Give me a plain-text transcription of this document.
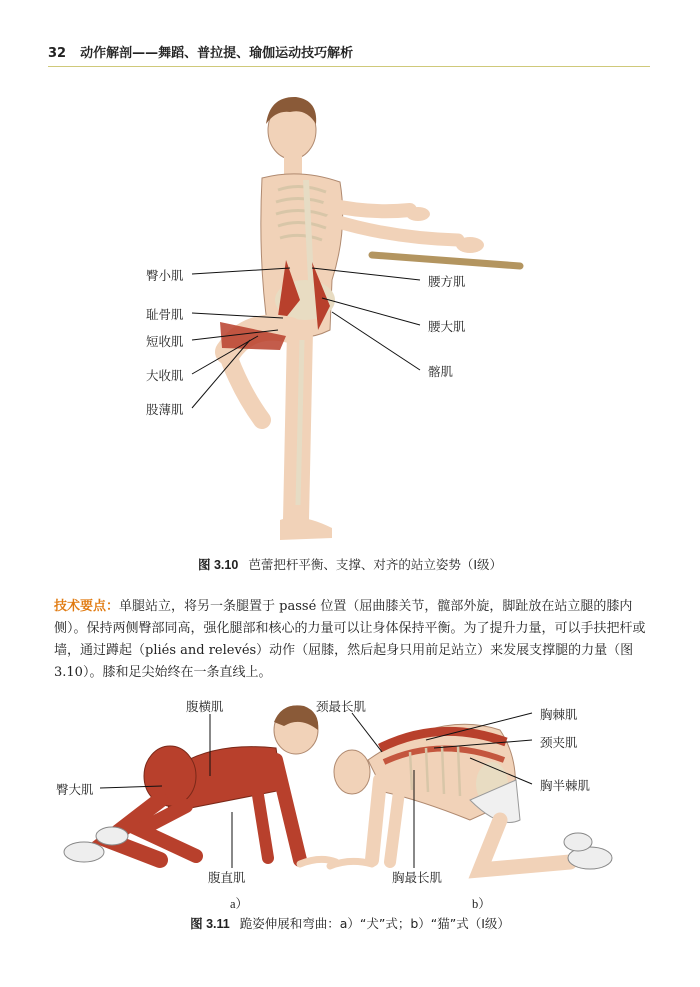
32 动作解剖——舞蹈、普拉提、瑜伽运动技巧解析
臀小肌
耻骨肌
短收肌
大收肌
股薄肌
腰方肌
腰大肌
髂肌
图 3.10 芭蕾把杆平衡、支撑、对齐的站立姿势（Ⅰ级）
技术要点：单腿站立，将另一条腿置于 passé 位置（屈曲膝关节，髋部外旋，脚趾放在站立腿的膝内侧）。保持两侧臀部同高，强化腿部和核心的力量可以让身体保持平衡。为了提升力量，可以手扶把杆或墙，通过蹲起（pliés and relevés）动作（屈膝，然后起身只用前足站立）来发展支撑腿的力量（图 3.10）。膝和足尖始终在一条直线上。
腹横肌
臀大肌
腹直肌
颈最长肌
胸棘肌
颈夹肌
胸半棘肌
胸最长肌
a）	b）
图 3.11 跪姿伸展和弯曲：a）“犬”式；b）“猫”式（Ⅰ级）
